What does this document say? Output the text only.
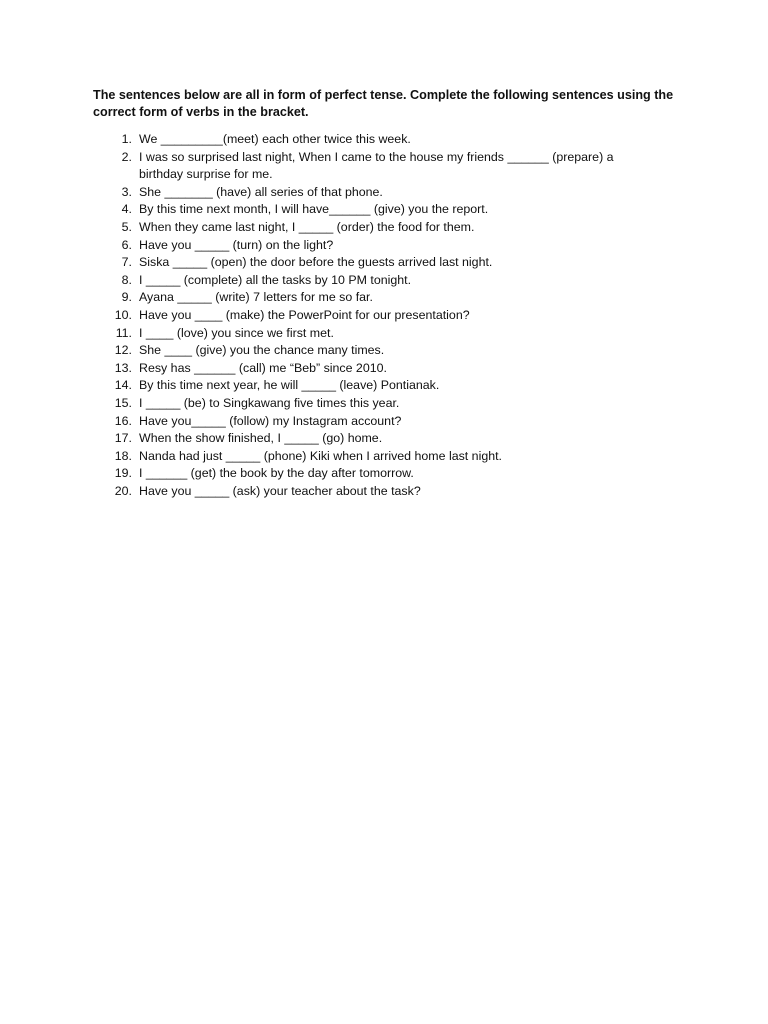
The sentences below are all in form of perfect tense. Complete the following sentences using the correct form of verbs in the bracket.

1. We _________(meet) each other twice this week.
2. I was so surprised last night, When I came to the house my friends ______ (prepare) a birthday surprise for me.
3. She _______ (have) all series of that phone.
4. By this time next month, I will have______ (give) you the report.
5. When they came last night, I _____ (order) the food for them.
6. Have you _____ (turn) on the light?
7. Siska _____ (open) the door before the guests arrived last night.
8. I _____ (complete) all the tasks by 10 PM tonight.
9. Ayana _____ (write) 7 letters for me so far.
10. Have you ____ (make) the PowerPoint for our presentation?
11. I ____ (love) you since we first met.
12. She ____ (give) you the chance many times.
13. Resy has ______ (call) me “Beb” since 2010.
14. By this time next year, he will _____ (leave) Pontianak.
15. I _____ (be) to Singkawang five times this year.
16. Have you_____ (follow) my Instagram account?
17. When the show finished, I _____ (go) home.
18. Nanda had just _____ (phone) Kiki when I arrived home last night.
19. I ______ (get) the book by the day after tomorrow.
20. Have you _____ (ask) your teacher about the task?
